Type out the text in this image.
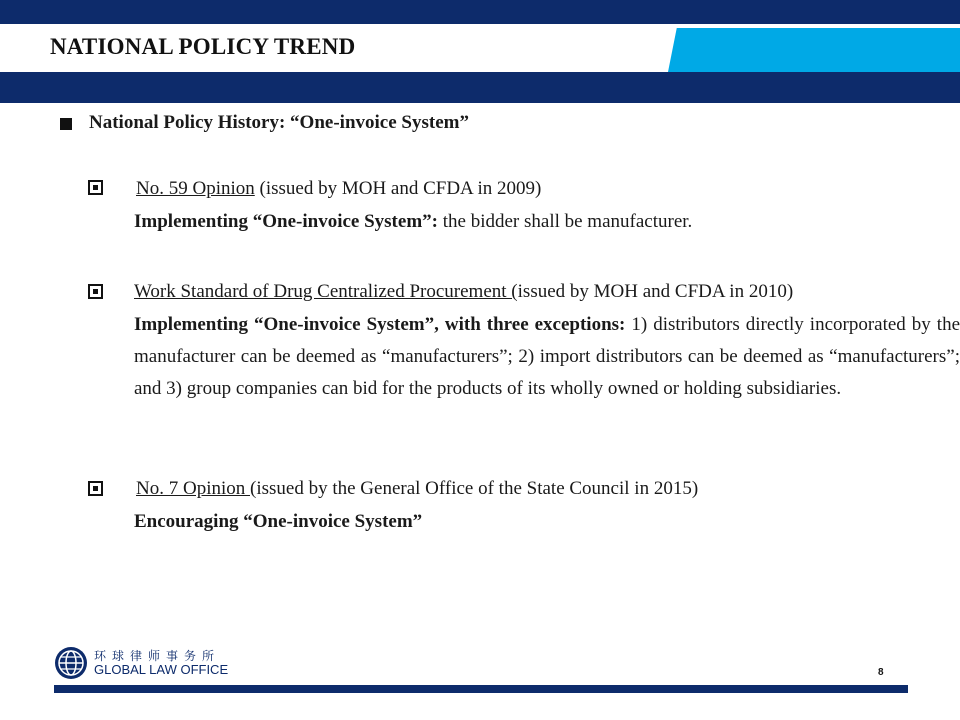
NATIONAL POLICY TREND
National Policy History: “One-invoice System”
No. 59 Opinion (issued by MOH and CFDA in 2009)
Implementing “One-invoice System”: the bidder shall be manufacturer.
Work Standard of Drug Centralized Procurement (issued by MOH and CFDA in 2010)
Implementing “One-invoice System”, with three exceptions: 1) distributors directly incorporated by the manufacturer can be deemed as “manufacturers”; 2) import distributors can be deemed as “manufacturers”; and 3) group companies can bid for the products of its wholly owned or holding subsidiaries.
No. 7 Opinion (issued by the General Office of the State Council in 2015)
Encouraging “One-invoice System”
环球律师事务所
GLOBAL LAW OFFICE	8
